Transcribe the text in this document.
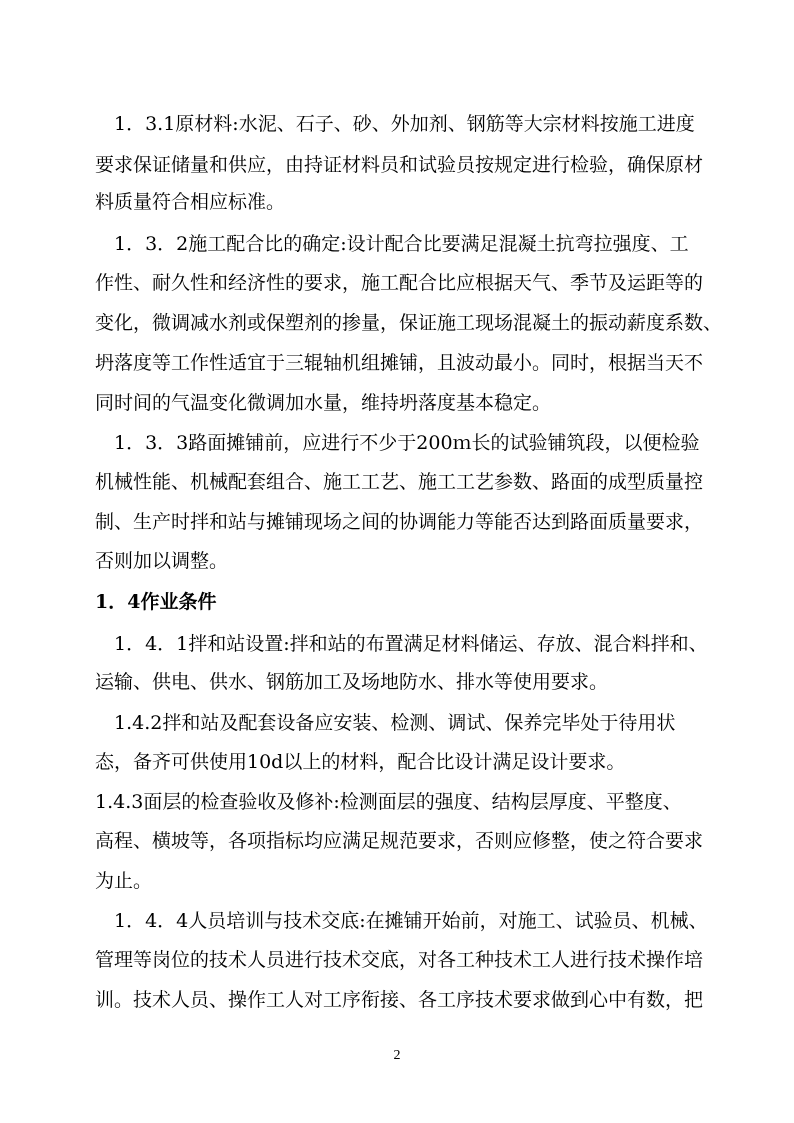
　1．3.1原材料:水泥、石子、砂、外加剂、钢筋等大宗材料按施工进度
要求保证储量和供应，由持证材料员和试验员按规定进行检验，确保原材
料质量符合相应标准。
　1．3．2施工配合比的确定:设计配合比要满足混凝土抗弯拉强度、工
作性、耐久性和经济性的要求，施工配合比应根据天气、季节及运距等的
变化，微调减水剂或保塑剂的掺量，保证施工现场混凝土的振动薪度系数、
坍落度等工作性适宜于三辊轴机组摊铺，且波动最小。同时，根据当天不
同时间的气温变化微调加水量，维持坍落度基本稳定。
　1．3．3路面摊铺前，应进行不少于200ｍ长的试验铺筑段，以便检验
机械性能、机械配套组合、施工工艺、施工工艺参数、路面的成型质量控
制、生产时拌和站与摊铺现场之间的协调能力等能否达到路面质量要求，
否则加以调整。
1．4作业条件
　1．4．1拌和站设置:拌和站的布置满足材料储运、存放、混合料拌和、
运输、供电、供水、钢筋加工及场地防水、排水等使用要求。
　1.4.2拌和站及配套设备应安装、检测、调试、保养完毕处于待用状
态，备齐可供使用10d以上的材料，配合比设计满足设计要求。
1.4.3面层的检查验收及修补:检测面层的强度、结构层厚度、平整度、
高程、横坡等，各项指标均应满足规范要求，否则应修整，使之符合要求
为止。
　1．4．4人员培训与技术交底:在摊铺开始前，对施工、试验员、机械、
管理等岗位的技术人员进行技术交底，对各工种技术工人进行技术操作培
训。技术人员、操作工人对工序衔接、各工序技术要求做到心中有数，把
2
